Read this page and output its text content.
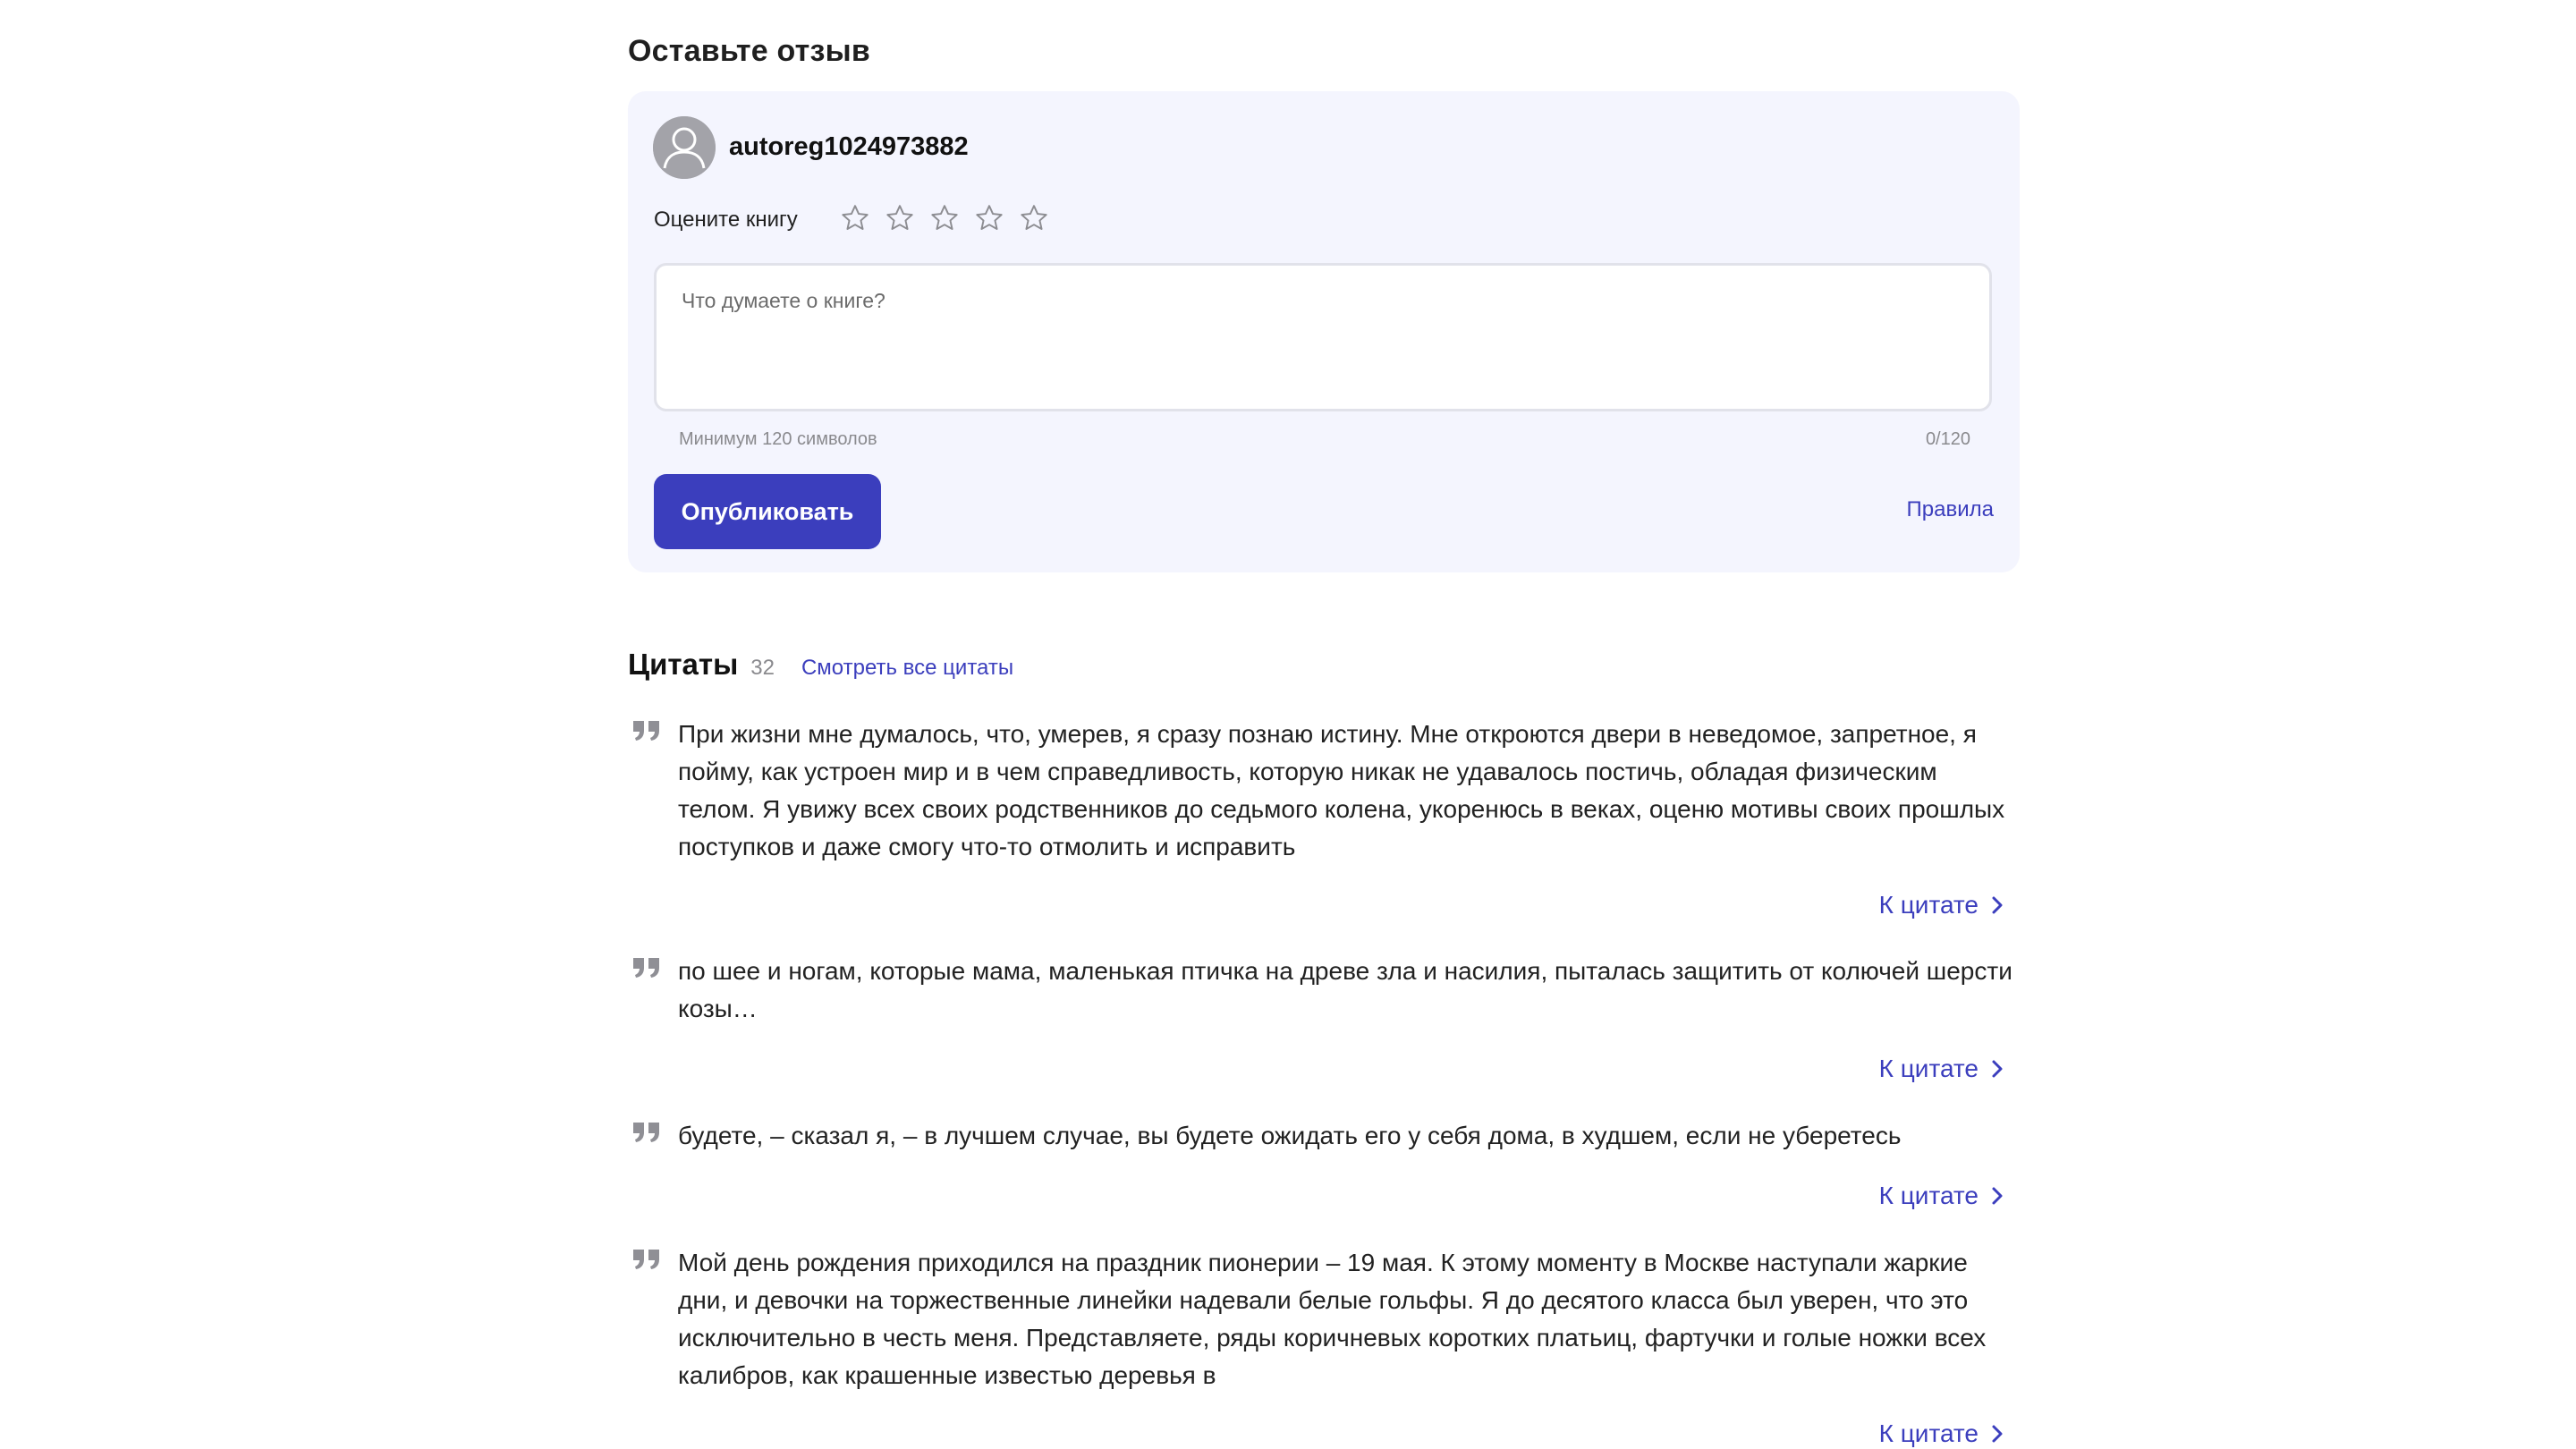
Оставьте отзыв
autoreg1024973882
Оцените книгу
Что думаете о книге?
Минимум 120 символов	0/120
Опубликовать	Правила
Цитаты 32 Смотреть все цитаты
При жизни мне думалось, что, умерев, я сразу познаю истину. Мне откроются двери в неведомое, запретное, я пойму, как устроен мир и в чем справедливость, которую никак не удавалось постичь, обладая физическим телом. Я увижу всех своих родственников до седьмого колена, укоренюсь в веках, оценю мотивы своих прошлых поступков и даже смогу что-то отмолить и исправить
К цитате
по шее и ногам, которые мама, маленькая птичка на древе зла и насилия, пыталась защитить от колючей шерсти козы…
К цитате
будете, – сказал я, – в лучшем случае, вы будете ожидать его у себя дома, в худшем, если не уберетесь
К цитате
Мой день рождения приходился на праздник пионерии – 19 мая. К этому моменту в Москве наступали жаркие дни, и девочки на торжественные линейки надевали белые гольфы. Я до десятого класса был уверен, что это исключительно в честь меня. Представляете, ряды коричневых коротких платьиц, фартучки и голые ножки всех калибров, как крашенные известью деревья в
К цитате
